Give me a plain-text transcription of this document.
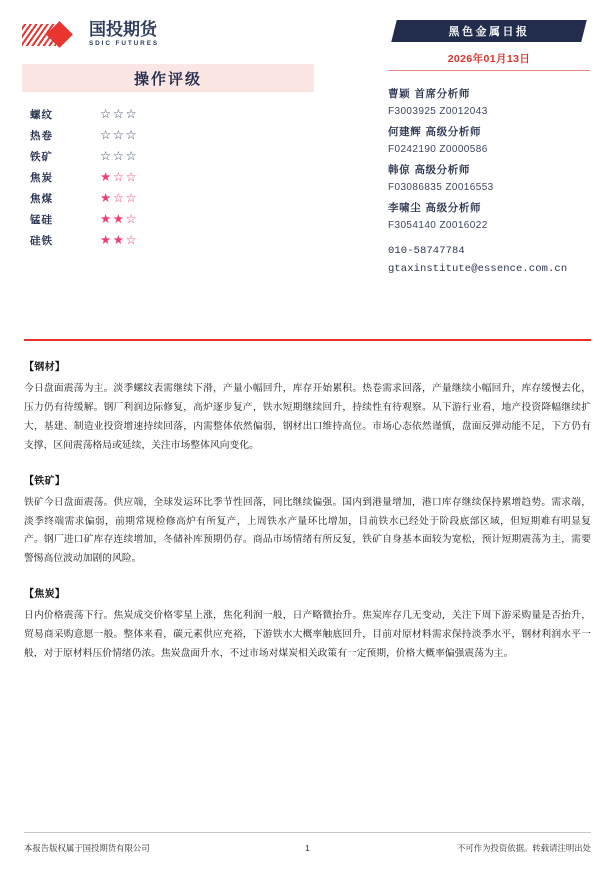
国投期货
SDIC FUTURES
操作评级
螺纹	☆☆☆
热卷	☆☆☆
铁矿	☆☆☆
焦炭	★☆☆
焦煤	★☆☆
锰硅	★★☆
硅铁	★★☆
黑色金属日报
2026年01月13日
曹颖 首席分析师
F3003925 Z0012043
何建辉 高级分析师
F0242190 Z0000586
韩倞 高级分析师
F03086835 Z0016553
李啸尘 高级分析师
F3054140 Z0016022
010-58747784
gtaxinstitute@essence.com.cn
【钢材】
今日盘面震荡为主。淡季螺纹表需继续下滑，产量小幅回升，库存开始累积。热卷需求回落，产量继续小幅回升，库存缓慢去化，压力仍有待缓解。钢厂利润边际修复，高炉逐步复产，铁水短期继续回升，持续性有待观察。从下游行业看，地产投资降幅继续扩大，基建、制造业投资增速持续回落，内需整体依然偏弱，钢材出口维持高位。市场心态依然谨慎，盘面反弹动能不足，下方仍有支撑，区间震荡格局或延续，关注市场整体风向变化。
【铁矿】
铁矿今日盘面震荡。供应端，全球发运环比季节性回落，同比继续偏强。国内到港量增加，港口库存继续保持累增趋势。需求端，淡季终端需求偏弱，前期常规检修高炉有所复产，上周铁水产量环比增加，目前铁水已经处于阶段底部区域，但短期难有明显复产。钢厂进口矿库存连续增加，冬储补库预期仍存。商品市场情绪有所反复，铁矿自身基本面较为宽松，预计短期震荡为主，需要警惕高位波动加剧的风险。
【焦炭】
日内价格震荡下行。焦炭成交价格零星上涨，焦化利润一般，日产略微抬升。焦炭库存几无变动，关注下周下游采购量是否抬升，贸易商采购意愿一般。整体来看，碳元素供应充裕，下游铁水大概率触底回升，目前对原材料需求保持淡季水平，钢材利润水平一般，对于原材料压价情绪仍浓。焦炭盘面升水，不过市场对煤炭相关政策有一定预期，价格大概率偏强震荡为主。
本报告版权属于国投期货有限公司	1	不可作为投资依据。转载请注明出处
